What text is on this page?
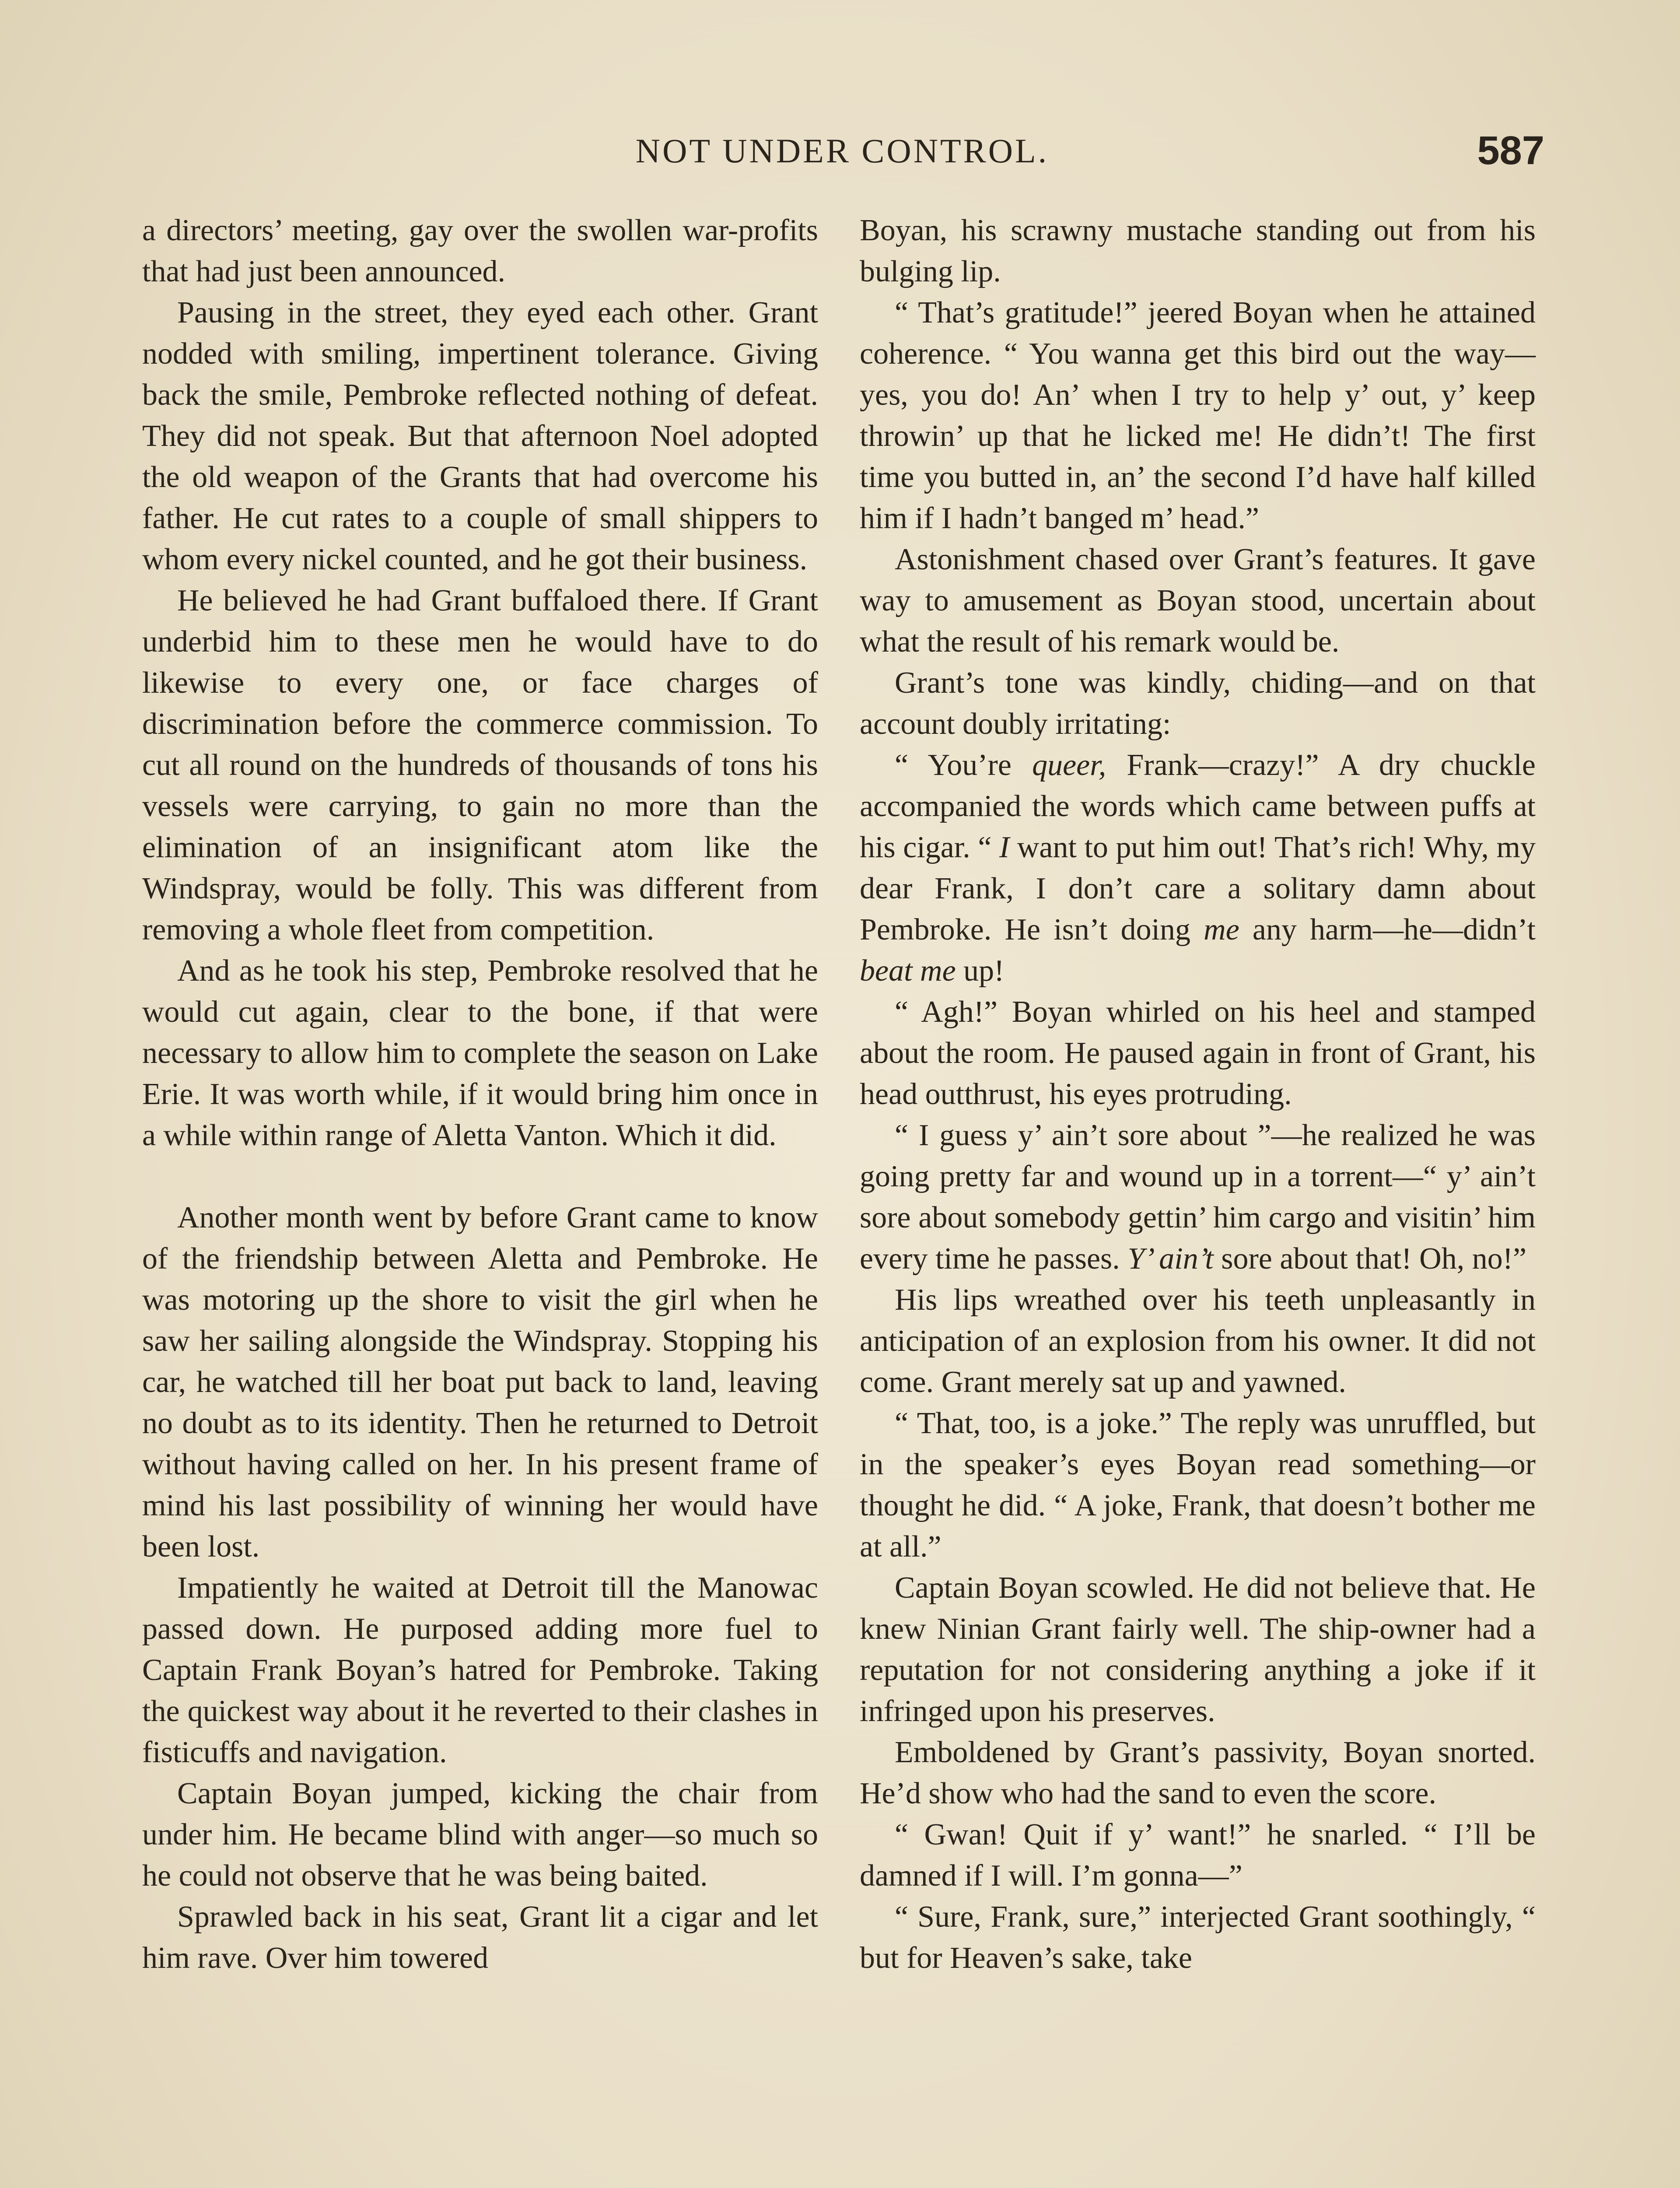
NOT UNDER CONTROL.	587

a directors’ meeting, gay over the swollen war-profits that had just been announced.

Pausing in the street, they eyed each other. Grant nodded with smiling, impertinent tolerance. Giving back the smile, Pembroke reflected nothing of defeat. They did not speak. But that afternoon Noel adopted the old weapon of the Grants that had overcome his father. He cut rates to a couple of small shippers to whom every nickel counted, and he got their business.

He believed he had Grant buffaloed there. If Grant underbid him to these men he would have to do likewise to every one, or face charges of discrimination before the commerce commission. To cut all round on the hundreds of thousands of tons his vessels were carrying, to gain no more than the elimination of an insignificant atom like the Windspray, would be folly. This was different from removing a whole fleet from competition.

And as he took his step, Pembroke resolved that he would cut again, clear to the bone, if that were necessary to allow him to complete the season on Lake Erie. It was worth while, if it would bring him once in a while within range of Aletta Vanton. Which it did.

Another month went by before Grant came to know of the friendship between Aletta and Pembroke. He was motoring up the shore to visit the girl when he saw her sailing alongside the Windspray. Stopping his car, he watched till her boat put back to land, leaving no doubt as to its identity. Then he returned to Detroit without having called on her. In his present frame of mind his last possibility of winning her would have been lost.

Impatiently he waited at Detroit till the Manowac passed down. He purposed adding more fuel to Captain Frank Boyan’s hatred for Pembroke. Taking the quickest way about it he reverted to their clashes in fisticuffs and navigation.

Captain Boyan jumped, kicking the chair from under him. He became blind with anger—so much so he could not observe that he was being baited.

Sprawled back in his seat, Grant lit a cigar and let him rave. Over him towered

Boyan, his scrawny mustache standing out from his bulging lip.

“ That’s gratitude!” jeered Boyan when he attained coherence. “ You wanna get this bird out the way—yes, you do! An’ when I try to help y’ out, y’ keep throwin’ up that he licked me! He didn’t! The first time you butted in, an’ the second I’d have half killed him if I hadn’t banged m’ head.”

Astonishment chased over Grant’s features. It gave way to amusement as Boyan stood, uncertain about what the result of his remark would be.

Grant’s tone was kindly, chiding—and on that account doubly irritating:

“ You’re queer, Frank—crazy!” A dry chuckle accompanied the words which came between puffs at his cigar. “ I want to put him out! That’s rich! Why, my dear Frank, I don’t care a solitary damn about Pembroke. He isn’t doing me any harm—he—didn’t beat me up!

“ Agh!” Boyan whirled on his heel and stamped about the room. He paused again in front of Grant, his head outthrust, his eyes protruding.

“ I guess y’ ain’t sore about ”—he realized he was going pretty far and wound up in a torrent—“ y’ ain’t sore about somebody gettin’ him cargo and visitin’ him every time he passes. Y’ ain’t sore about that! Oh, no!”

His lips wreathed over his teeth unpleasantly in anticipation of an explosion from his owner. It did not come. Grant merely sat up and yawned.

“ That, too, is a joke.” The reply was unruffled, but in the speaker’s eyes Boyan read something—or thought he did. “ A joke, Frank, that doesn’t bother me at all.”

Captain Boyan scowled. He did not believe that. He knew Ninian Grant fairly well. The ship-owner had a reputation for not considering anything a joke if it infringed upon his preserves.

Emboldened by Grant’s passivity, Boyan snorted. He’d show who had the sand to even the score.

“ Gwan! Quit if y’ want!” he snarled. “ I’ll be damned if I will. I’m gonna—”

“ Sure, Frank, sure,” interjected Grant soothingly, “ but for Heaven’s sake, take
